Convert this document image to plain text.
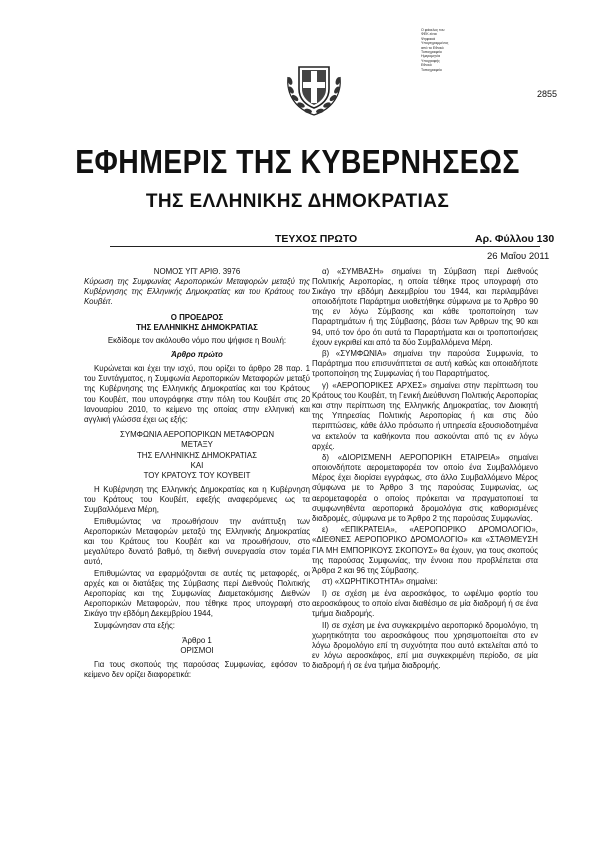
Ο φάκελος του
ΦΕΚ είναι
Ψηφιακά
Υπογεγραμμένος
από το Εθνικό
Τυπογραφείο
Ημερομηνία
Υπογραφής
Εθνικό
Τυπογραφείο
2855
ΕΦΗΜΕΡΙΣ ΤΗΣ ΚΥΒΕΡΝΗΣΕΩΣ
ΤΗΣ ΕΛΛΗΝΙΚΗΣ ΔΗΜΟΚΡΑΤΙΑΣ
ΤΕΥΧΟΣ ΠΡΩΤΟ	Αρ. Φύλλου 130
26 Μαΐου 2011

ΝΟΜΟΣ ΥΠ' ΑΡΙΘ. 3976

Κύρωση της Συμφωνίας Αεροπορικών Μεταφορών μεταξύ της Κυβέρνησης της Ελληνικής Δημοκρατίας και του Κράτους του Κουβέιτ.

Ο ΠΡΟΕΔΡΟΣ

ΤΗΣ ΕΛΛΗΝΙΚΗΣ ΔΗΜΟΚΡΑΤΙΑΣ

Εκδίδομε τον ακόλουθο νόμο που ψήφισε η Βουλή:

Άρθρο πρώτο

Κυρώνεται και έχει την ισχύ, που ορίζει το άρθρο 28 παρ. 1 του Συντάγματος, η Συμφωνία Αεροπορικών Μεταφορών μεταξύ της Κυβέρνησης της Ελληνικής Δημοκρατίας και του Κράτους του Κουβέιτ, που υπογράφηκε στην πόλη του Κουβέιτ στις 20 Ιανουαρίου 2010, το κείμενο της οποίας στην ελληνική και αγγλική γλώσσα έχει ως εξής:

ΣΥΜΦΩΝΙΑ ΑΕΡΟΠΟΡΙΚΩΝ ΜΕΤΑΦΟΡΩΝ

ΜΕΤΑΞΥ

ΤΗΣ ΕΛΛΗΝΙΚΗΣ ΔΗΜΟΚΡΑΤΙΑΣ

ΚΑΙ

ΤΟΥ ΚΡΑΤΟΥΣ ΤΟΥ ΚΟΥΒΕΙΤ

Η Κυβέρνηση της Ελληνικής Δημοκρατίας και η Κυβέρνηση του Κράτους του Κουβέιτ, εφεξής αναφερόμενες ως τα Συμβαλλόμενα Μέρη,

Επιθυμώντας να προωθήσουν την ανάπτυξη των Αεροπορικών Μεταφορών μεταξύ της Ελληνικής Δημοκρατίας και του Κράτους του Κουβέιτ και να προωθήσουν, στο μεγαλύτερο δυνατό βαθμό, τη διεθνή συνεργασία στον τομέα αυτό,

Επιθυμώντας να εφαρμόζονται σε αυτές τις μεταφορές, οι αρχές και οι διατάξεις της Σύμβασης περί Διεθνούς Πολιτικής Αεροπορίας και της Συμφωνίας Διαμετακόμισης Διεθνών Αεροπορικών Μεταφορών, που τέθηκε προς υπογραφή στο Σικάγο την εβδόμη Δεκεμβρίου 1944,

Συμφώνησαν στα εξής:

Άρθρο 1

ΟΡΙΣΜΟΙ

Για τους σκοπούς της παρούσας Συμφωνίας, εφόσον το κείμενο δεν ορίζει διαφορετικά:

α) «ΣΥΜΒΑΣΗ» σημαίνει τη Σύμβαση περί Διεθνούς Πολιτικής Αεροπορίας, η οποία τέθηκε προς υπογραφή στο Σικάγο την εβδόμη Δεκεμβρίου του 1944, και περιλαμβάνει οποιοδήποτε Παράρτημα υιοθετήθηκε σύμφωνα με το Άρθρο 90 της εν λόγω Σύμβασης και κάθε τροποποίηση των Παραρτημάτων ή της Σύμβασης, βάσει των Άρθρων της 90 και 94, υπό τον όρο ότι αυτά τα Παραρτήματα και οι τροποποιήσεις έχουν εγκριθεί και από τα δύο Συμβαλλόμενα Μέρη.

β) «ΣΥΜΦΩΝΙΑ» σημαίνει την παρούσα Συμφωνία, το Παράρτημα που επισυνάπτεται σε αυτή καθώς και οποιαδήποτε τροποποίηση της Συμφωνίας ή του Παραρτήματος.

γ) «ΑΕΡΟΠΟΡΙΚΕΣ ΑΡΧΕΣ» σημαίνει στην περίπτωση του Κράτους του Κουβέιτ, τη Γενική Διεύθυνση Πολιτικής Αεροπορίας και στην περίπτωση της Ελληνικής Δημοκρατίας, τον Διοικητή της Υπηρεσίας Πολιτικής Αεροπορίας ή και στις δύο περιπτώσεις, κάθε άλλο πρόσωπο ή υπηρεσία εξουσιοδοτημένα να εκτελούν τα καθήκοντα που ασκούνται από τις εν λόγω αρχές.

δ) «ΔΙΟΡΙΣΜΕΝΗ ΑΕΡΟΠΟΡΙΚΗ ΕΤΑΙΡΕΙΑ» σημαίνει οποιονδήποτε αερομεταφορέα τον οποίο ένα Συμβαλλόμενο Μέρος έχει διορίσει εγγράφως, στο άλλο Συμβαλλόμενο Μέρος σύμφωνα με το Άρθρο 3 της παρούσας Συμφωνίας, ως αερομεταφορέα ο οποίος πρόκειται να πραγματοποιεί τα συμφωνηθέντα αεροπορικά δρομολόγια στις καθορισμένες διαδρομές, σύμφωνα με το Άρθρο 2 της παρούσας Συμφωνίας.

ε) «ΕΠΙΚΡΑΤΕΙΑ», «ΑΕΡΟΠΟΡΙΚΟ ΔΡΟΜΟΛΟΓΙΟ», «ΔΙΕΘΝΕΣ ΑΕΡΟΠΟΡΙΚΟ ΔΡΟΜΟΛΟΓΙΟ» και «ΣΤΑΘΜΕΥΣΗ ΓΙΑ ΜΗ ΕΜΠΟΡΙΚΟΥΣ ΣΚΟΠΟΥΣ» θα έχουν, για τους σκοπούς της παρούσας Συμφωνίας, την έννοια που προβλέπεται στα Άρθρα 2 και 96 της Σύμβασης.

στ) «ΧΩΡΗΤΙΚΟΤΗΤΑ» σημαίνει:

Ι) σε σχέση με ένα αεροσκάφος, το ωφέλιμο φορτίο του αεροσκάφους το οποίο είναι διαθέσιμο σε μία διαδρομή ή σε ένα τμήμα διαδρομής.

ΙΙ) σε σχέση με ένα συγκεκριμένο αεροπορικό δρομολόγιο, τη χωρητικότητα του αεροσκάφους που χρησιμοποιείται στο εν λόγω δρομολόγιο επί τη συχνότητα που αυτό εκτελείται από το εν λόγω αεροσκάφος, επί μια συγκεκριμένη περίοδο, σε μία διαδρομή ή σε ένα τμήμα διαδρομής.
